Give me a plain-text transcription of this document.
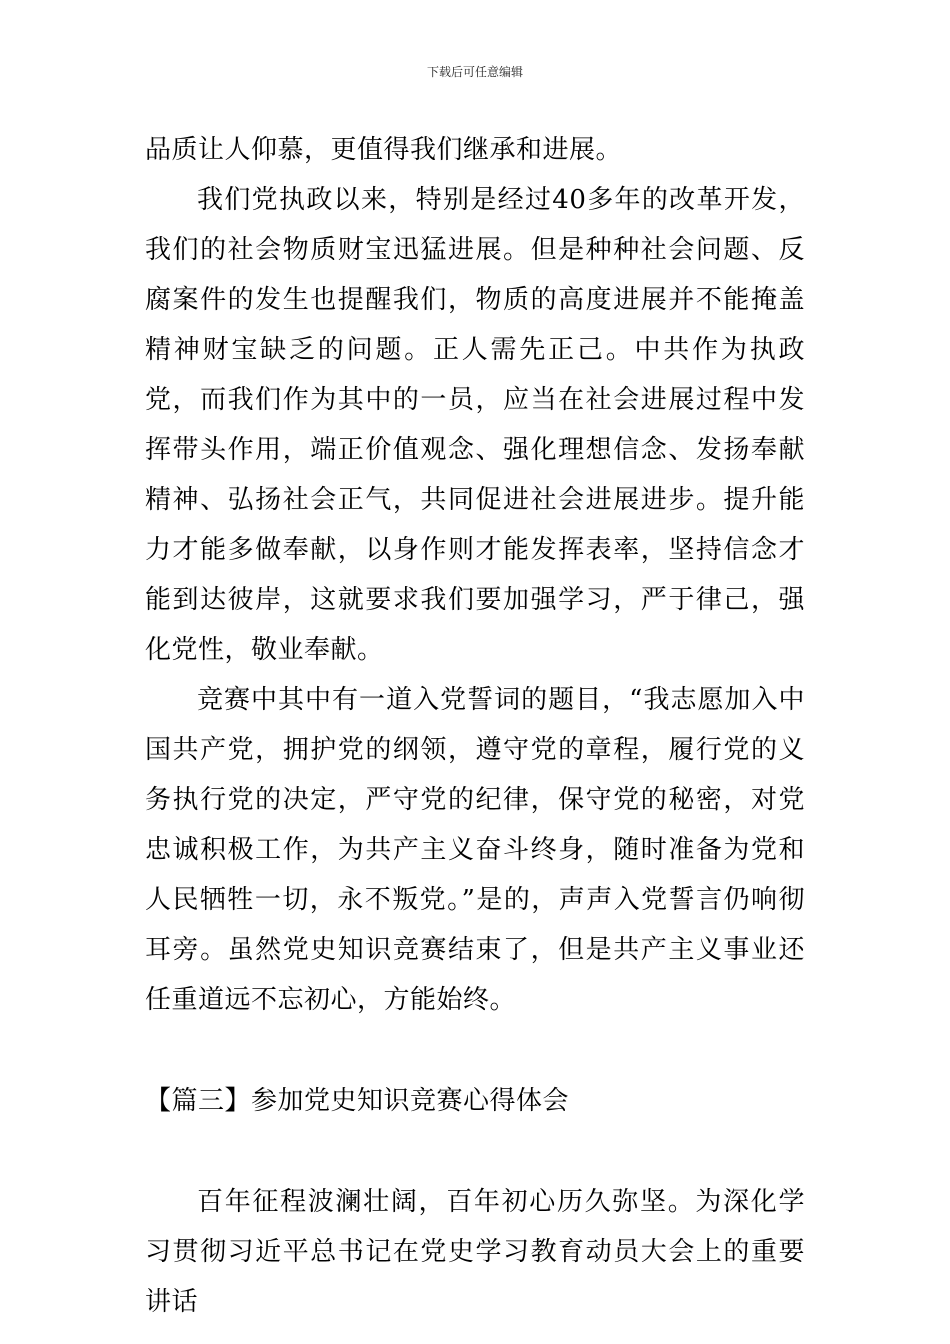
下载后可任意编辑

品质让人仰慕，更值得我们继承和进展。

我们党执政以来，特别是经过40多年的改革开发，我们的社会物质财宝迅猛进展。但是种种社会问题、反腐案件的发生也提醒我们，物质的高度进展并不能掩盖精神财宝缺乏的问题。正人需先正己。中共作为执政党，而我们作为其中的一员，应当在社会进展过程中发挥带头作用，端正价值观念、强化理想信念、发扬奉献精神、弘扬社会正气，共同促进社会进展进步。提升能力才能多做奉献，以身作则才能发挥表率，坚持信念才能到达彼岸，这就要求我们要加强学习，严于律己，强化党性，敬业奉献。

竞赛中其中有一道入党誓词的题目，“我志愿加入中国共产党，拥护党的纲领，遵守党的章程，履行党的义务执行党的决定，严守党的纪律，保守党的秘密，对党忠诚积极工作，为共产主义奋斗终身，随时准备为党和人民牺牲一切，永不叛党。”是的，声声入党誓言仍响彻耳旁。虽然党史知识竞赛结束了，但是共产主义事业还任重道远不忘初心，方能始终。

【篇三】参加党史知识竞赛心得体会

百年征程波澜壮阔，百年初心历久弥坚。为深化学习贯彻习近平总书记在党史学习教育动员大会上的重要讲话
